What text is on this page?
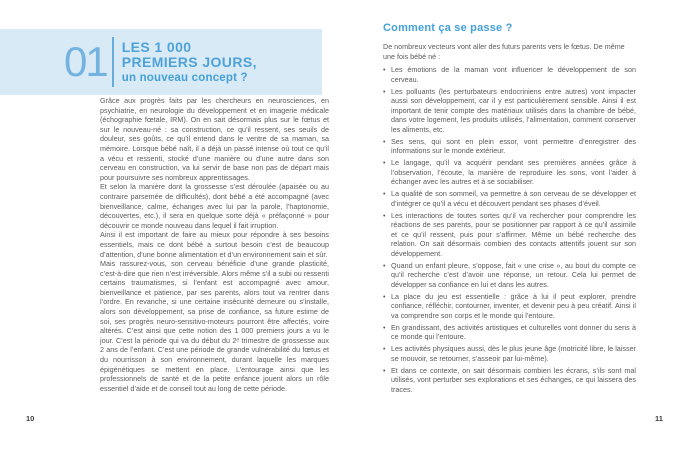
01 LES 1 000
PREMIERS JOURS,
un nouveau concept ?

Grâce aux progrès faits par les chercheurs en neurosciences, en psychiatrie, en neurologie du développement et en imagerie médicale (échographie fœtale, IRM). On en sait désormais plus sur le fœtus et sur le nouveau-né : sa construction, ce qu’il ressent, ses seuils de douleur, ses goûts, ce qu’il entend dans le ventre de sa maman, sa mémoire. Lorsque bébé naît, il a déjà un passé intense où tout ce qu’il a vécu et ressenti, stocké d’une manière ou d’une autre dans son cerveau en construction, va lui servir de base non pas de départ mais pour poursuivre ses nombreux apprentissages.

Et selon la manière dont la grossesse s’est déroulée (apaisée ou au contraire parsemée de difficultés), dont bébé a été accompagné (avec bienveillance, calme, échanges avec lui par la parole, l’haptonomie, découvertes, etc.), il sera en quelque sorte déjà « préfaçonné » pour découvrir ce monde nouveau dans lequel il fait irruption.

Ainsi il est important de faire au mieux pour répondre à ses besoins essentiels, mais ce dont bébé a surtout besoin c’est de beaucoup d’attention, d’une bonne alimentation et d’un environnement sain et sûr.

Mais rassurez-vous, son cerveau bénéficie d’une grande plasticité, c’est-à-dire que rien n’est irréversible. Alors même s’il a subi ou ressenti certains traumatismes, si l’enfant est accompagné avec amour, bienveillance et patience, par ses parents, alors tout va rentrer dans l’ordre. En revanche, si une certaine insécurité demeure ou s’installe, alors son développement, sa prise de confiance, sa future estime de soi, ses progrès neuro-sensitivo-moteurs pourront être affectés, voire altérés. C’est ainsi que cette notion des 1 000 premiers jours a vu le jour. C’est la période qui va du début du 2ᵉ trimestre de grossesse aux 2 ans de l’enfant. C’est une période de grande vulnérabilité du fœtus et du nourrisson à son environnement, durant laquelle les marques épigénétiques se mettent en place. L’entourage ainsi que les professionnels de santé et de la petite enfance jouent alors un rôle essentiel d’aide et de conseil tout au long de cette période.

10
Comment ça se passe ?

De nombreux vecteurs vont aller des futurs parents vers le fœtus. De même une fois bébé né :

• Les émotions de la maman vont influencer le développement de son cerveau.
• Les polluants (les perturbateurs endocriniens entre autres) vont impacter aussi son développement, car il y est particulièrement sensible. Ainsi il est important de tenir compte des matériaux utilisés dans la chambre de bébé, dans votre logement, les produits utilisés, l’alimentation, comment conserver les aliments, etc.
• Ses sens, qui sont en plein essor, vont permettre d’enregistrer des informations sur le monde extérieur.
• Le langage, qu’il va acquérir pendant ses premières années grâce à l’observation, l’écoute, la manière de reproduire les sons, vont l’aider à échanger avec les autres et à se sociabiliser.
• La qualité de son sommeil, va permettre à son cerveau de se développer et d’intégrer ce qu’il a vécu et découvert pendant ses phases d’éveil.
• Les interactions de toutes sortes qu’il va rechercher pour comprendre les réactions de ses parents, pour se positionner par rapport à ce qu’il assimile et ce qu’il ressent, puis pour s’affirmer. Même un bébé recherche des relation. On sait désormais combien des contacts attentifs jouent sur son développement.
• Quand un enfant pleure, s’oppose, fait « une crise », au bout du compte ce qu’il recherche c’est d’avoir une réponse, un retour. Cela lui permet de développer sa confiance en lui et dans les autres.
• La place du jeu est essentielle : grâce à lui il peut explorer, prendre confiance, réfléchir, contourner, inventer, et devenir peu à peu créatif. Ainsi il va comprendre son corps et le monde qui l’entoure.
• En grandissant, des activités artistiques et culturelles vont donner du sens à ce monde qui l’entoure.
• Les activités physiques aussi, dès le plus jeune âge (motricité libre, le laisser se mouvoir, se retourner, s’asseoir par lui-même).
• Et dans ce contexte, on sait désormais combien les écrans, s’ils sont mal utilisés, vont perturber ses explorations et ses échanges, ce qui laissera des traces.
11
